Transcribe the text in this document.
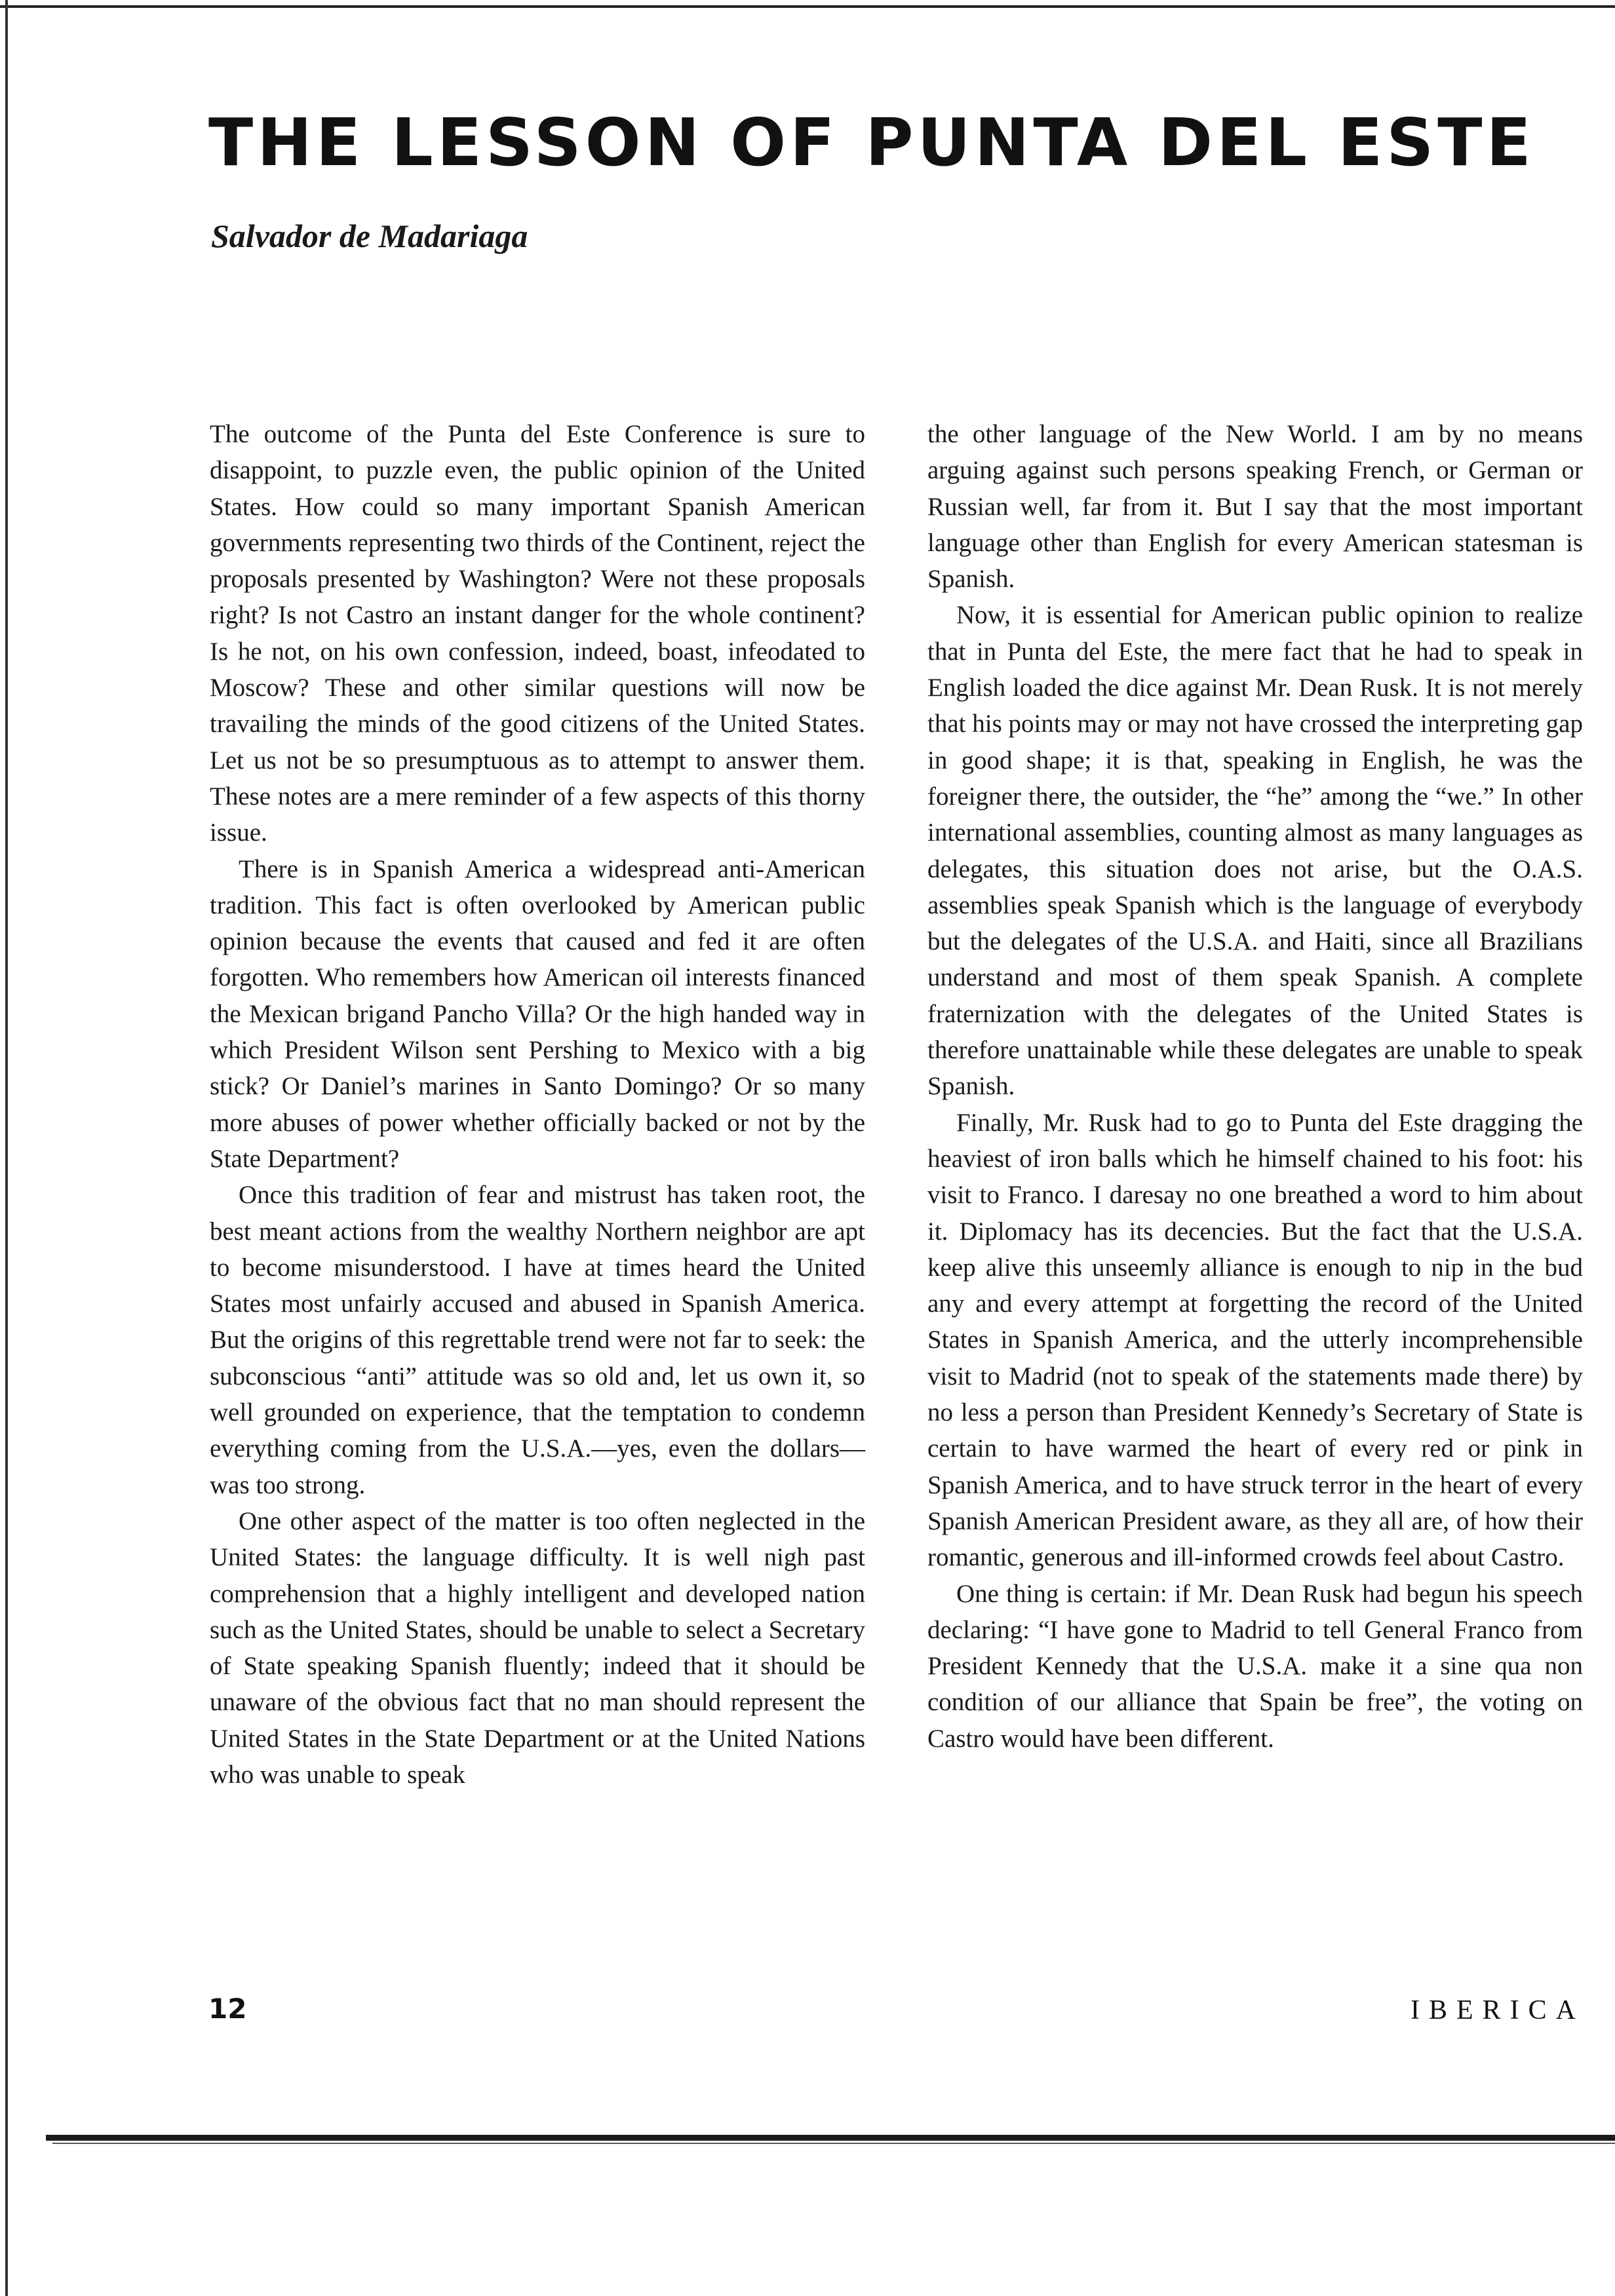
THE LESSON OF PUNTA DEL ESTE
Salvador de Madariaga

The outcome of the Punta del Este Conference is sure to disappoint, to puzzle even, the public opinion of the United States. How could so many important Spanish American governments representing two thirds of the Continent, reject the proposals presented by Washington? Were not these proposals right? Is not Castro an instant danger for the whole continent? Is he not, on his own confession, indeed, boast, infeodated to Moscow? These and other similar questions will now be travailing the minds of the good citizens of the United States. Let us not be so presumptuous as to attempt to answer them. These notes are a mere reminder of a few aspects of this thorny issue.

There is in Spanish America a widespread anti-American tradition. This fact is often overlooked by American public opinion because the events that caused and fed it are often forgotten. Who remembers how American oil interests financed the Mexican brigand Pancho Villa? Or the high handed way in which President Wilson sent Pershing to Mexico with a big stick? Or Daniel’s marines in Santo Domingo? Or so many more abuses of power whether officially backed or not by the State Department?

Once this tradition of fear and mistrust has taken root, the best meant actions from the wealthy Northern neighbor are apt to become misunderstood. I have at times heard the United States most unfairly accused and abused in Spanish America. But the origins of this regrettable trend were not far to seek: the subconscious “anti” attitude was so old and, let us own it, so well grounded on experience, that the temptation to condemn everything coming from the U.S.A.—yes, even the dollars—was too strong.

One other aspect of the matter is too often neglected in the United States: the language difficulty. It is well nigh past comprehension that a highly intelligent and developed nation such as the United States, should be unable to select a Secretary of State speaking Spanish fluently; indeed that it should be unaware of the obvious fact that no man should represent the United States in the State Department or at the United Nations who was unable to speak

the other language of the New World. I am by no means arguing against such persons speaking French, or German or Russian well, far from it. But I say that the most important language other than English for every American statesman is Spanish.

Now, it is essential for American public opinion to realize that in Punta del Este, the mere fact that he had to speak in English loaded the dice against Mr. Dean Rusk. It is not merely that his points may or may not have crossed the interpreting gap in good shape; it is that, speaking in English, he was the foreigner there, the outsider, the “he” among the “we.” In other international assemblies, counting almost as many languages as delegates, this situation does not arise, but the O.A.S. assemblies speak Spanish which is the language of everybody but the delegates of the U.S.A. and Haiti, since all Brazilians understand and most of them speak Spanish. A complete fraternization with the delegates of the United States is therefore unattainable while these delegates are unable to speak Spanish.

Finally, Mr. Rusk had to go to Punta del Este dragging the heaviest of iron balls which he himself chained to his foot: his visit to Franco. I daresay no one breathed a word to him about it. Diplomacy has its decencies. But the fact that the U.S.A. keep alive this unseemly alliance is enough to nip in the bud any and every attempt at forgetting the record of the United States in Spanish America, and the utterly incomprehensible visit to Madrid (not to speak of the statements made there) by no less a person than President Kennedy’s Secretary of State is certain to have warmed the heart of every red or pink in Spanish America, and to have struck terror in the heart of every Spanish American President aware, as they all are, of how their romantic, generous and ill-informed crowds feel about Castro.

One thing is certain: if Mr. Dean Rusk had begun his speech declaring: “I have gone to Madrid to tell General Franco from President Kennedy that the U.S.A. make it a sine qua non condition of our alliance that Spain be free”, the voting on Castro would have been different.

12	IBERICA
